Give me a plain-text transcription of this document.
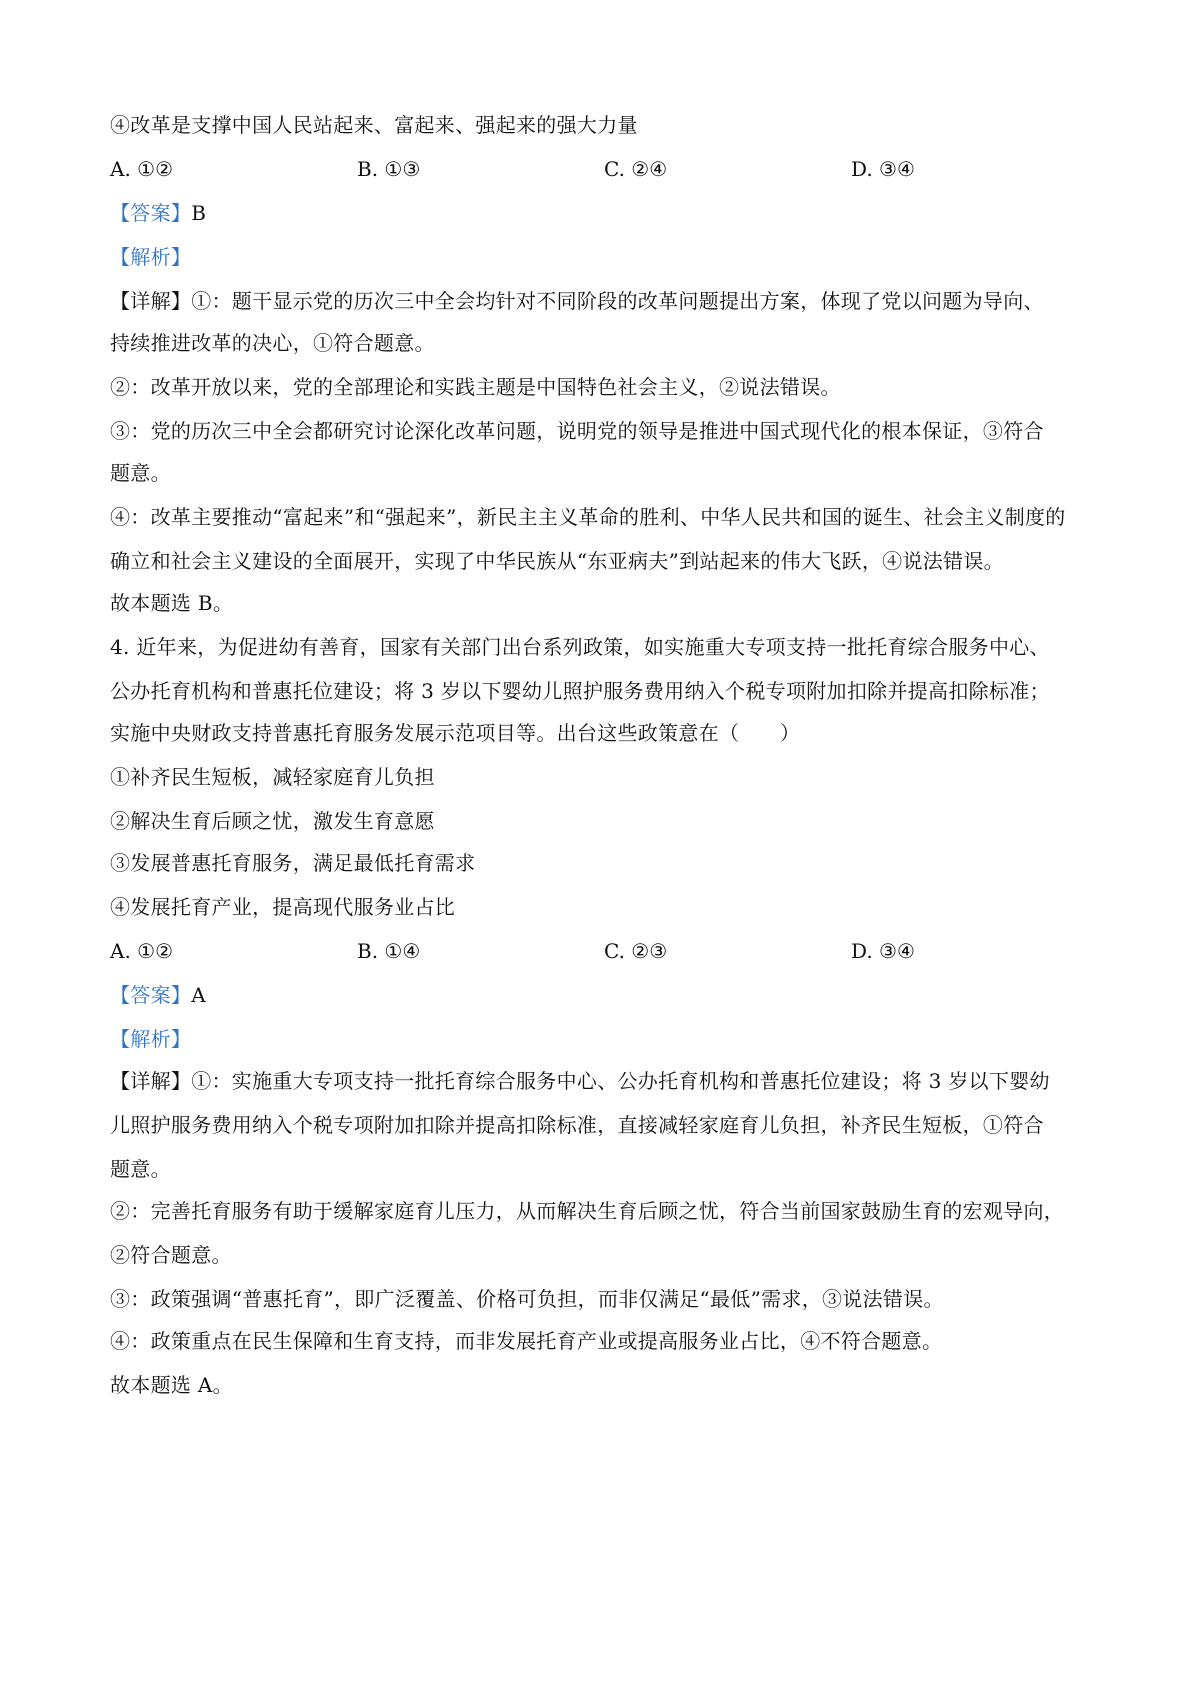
④改革是支撑中国人民站起来、富起来、强起来的强大力量
A. ①②	B. ①③	C. ②④	D. ③④
【答案】B
【解析】
【详解】①：题干显示党的历次三中全会均针对不同阶段的改革问题提出方案，体现了党以问题为导向、
持续推进改革的决心，①符合题意。
②：改革开放以来，党的全部理论和实践主题是中国特色社会主义，②说法错误。
③：党的历次三中全会都研究讨论深化改革问题，说明党的领导是推进中国式现代化的根本保证，③符合
题意。
④：改革主要推动“富起来”和“强起来”，新民主主义革命的胜利、中华人民共和国的诞生、社会主义制度的
确立和社会主义建设的全面展开，实现了中华民族从“东亚病夫”到站起来的伟大飞跃，④说法错误。
故本题选 B。
4. 近年来，为促进幼有善育，国家有关部门出台系列政策，如实施重大专项支持一批托育综合服务中心、
公办托育机构和普惠托位建设；将 3 岁以下婴幼儿照护服务费用纳入个税专项附加扣除并提高扣除标准；
实施中央财政支持普惠托育服务发展示范项目等。出台这些政策意在（　　）
①补齐民生短板，减轻家庭育儿负担
②解决生育后顾之忧，激发生育意愿
③发展普惠托育服务，满足最低托育需求
④发展托育产业，提高现代服务业占比
A. ①②	B. ①④	C. ②③	D. ③④
【答案】A
【解析】
【详解】①：实施重大专项支持一批托育综合服务中心、公办托育机构和普惠托位建设；将 3 岁以下婴幼
儿照护服务费用纳入个税专项附加扣除并提高扣除标准，直接减轻家庭育儿负担，补齐民生短板，①符合
题意。
②：完善托育服务有助于缓解家庭育儿压力，从而解决生育后顾之忧，符合当前国家鼓励生育的宏观导向，
②符合题意。
③：政策强调“普惠托育”，即广泛覆盖、价格可负担，而非仅满足“最低”需求，③说法错误。
④：政策重点在民生保障和生育支持，而非发展托育产业或提高服务业占比，④不符合题意。
故本题选 A。
